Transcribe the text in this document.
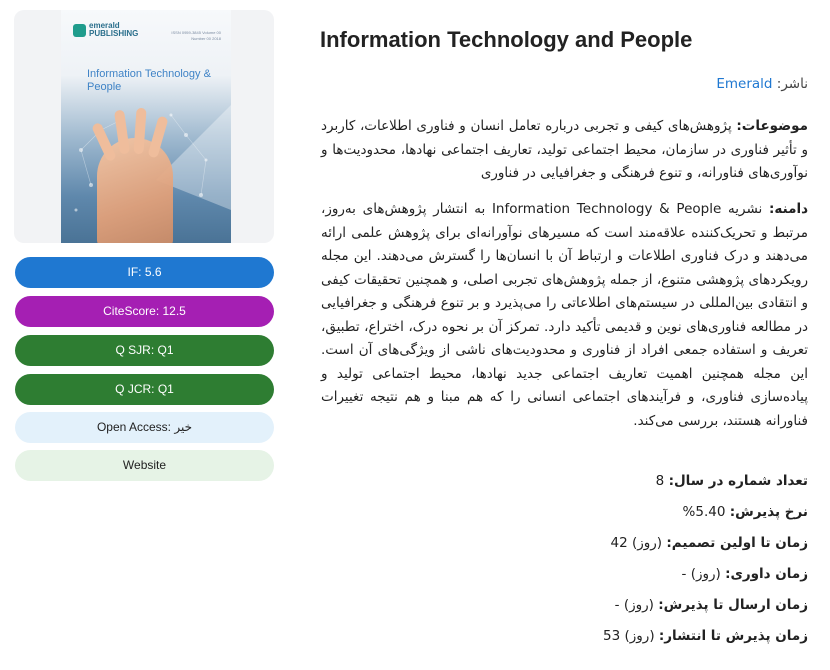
emerald PUBLISHING	ISSN 0959-3845 Volume 00 Number 00 2018
Information Technology & People
IF: 5.6
CiteScore: 12.5
Q SJR: Q1
Q JCR: Q1
Open Access: خیر
Website
Information Technology and People
ناشر: Emerald
موضوعات: پژوهش‌های کیفی و تجربی درباره تعامل انسان و فناوری اطلاعات، کاربرد و تأثیر فناوری در سازمان، محیط اجتماعی تولید، تعاریف اجتماعی نهادها، محدودیت‌ها و نوآوری‌های فناورانه، و تنوع فرهنگی و جغرافیایی در فناوری
دامنه: نشریه Information Technology & People به انتشار پژوهش‌های به‌روز، مرتبط و تحریک‌کننده علاقه‌مند است که مسیرهای نوآورانه‌ای برای پژوهش علمی ارائه می‌دهند و درک فناوری اطلاعات و ارتباط آن با انسان‌ها را گسترش می‌دهند. این مجله رویکردهای پژوهشی متنوع، از جمله پژوهش‌های تجربی اصلی، و همچنین تحقیقات کیفی و انتقادی بین‌المللی در سیستم‌های اطلاعاتی را می‌پذیرد و بر تنوع فرهنگی و جغرافیایی در مطالعه فناوری‌های نوین و قدیمی تأکید دارد. تمرکز آن بر نحوه درک، اختراع، تطبیق، تعریف و استفاده جمعی افراد از فناوری و محدودیت‌های ناشی از ویژگی‌های آن است. این مجله همچنین اهمیت تعاریف اجتماعی جدید نهادها، محیط اجتماعی تولید و پیاده‌سازی فناوری، و فرآیندهای اجتماعی انسانی را که هم مبنا و هم نتیجه تغییرات فناورانه هستند، بررسی می‌کند.
تعداد شماره در سال: 8
نرخ پذیرش: 5.40%
زمان تا اولین تصمیم: (روز) 42
زمان داوری: (روز) -
زمان ارسال تا پذیرش: (روز) -
زمان پذیرش تا انتشار: (روز) 53
